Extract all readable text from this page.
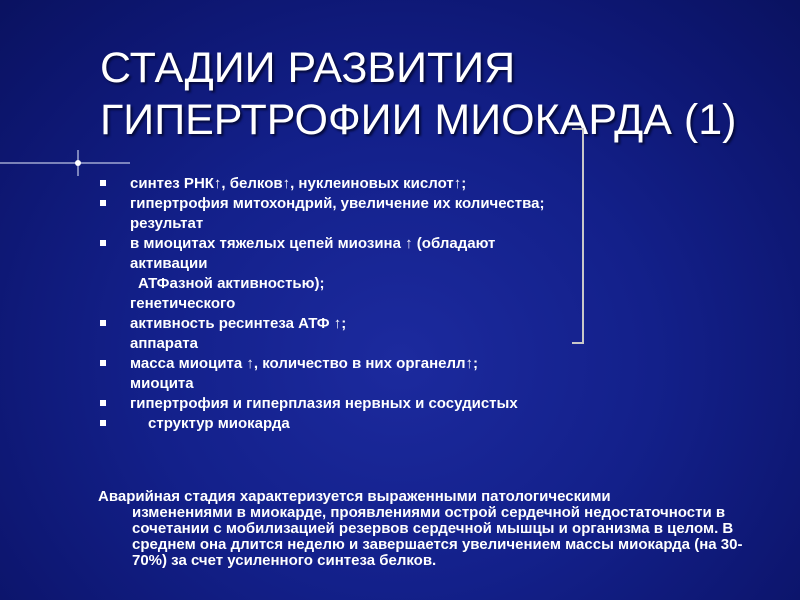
СТАДИИ РАЗВИТИЯ
ГИПЕРТРОФИИ МИОКАРДА (1)
синтез РНК↑, белков↑, нуклеиновых кислот↑;
гипертрофия митохондрий, увеличение их количества;
результат
в миоцитах тяжелых цепей миозина ↑ (обладают
активации
АТФазной активностью);
генетического
активность ресинтеза АТФ ↑;
аппарата
масса миоцита ↑, количество в них органелл↑;
миоцита
гипертрофия и гиперплазия нервных и сосудистых
структур миокарда

Аварийная стадия характеризуется выраженными патологическими
изменениями в миокарде, проявлениями острой сердечной недостаточности в сочетании с мобилизацией резервов сердечной мышцы и организма в целом. В среднем она длится неделю и завершается увеличением массы миокарда (на 30-70%) за счет усиленного синтеза белков.
